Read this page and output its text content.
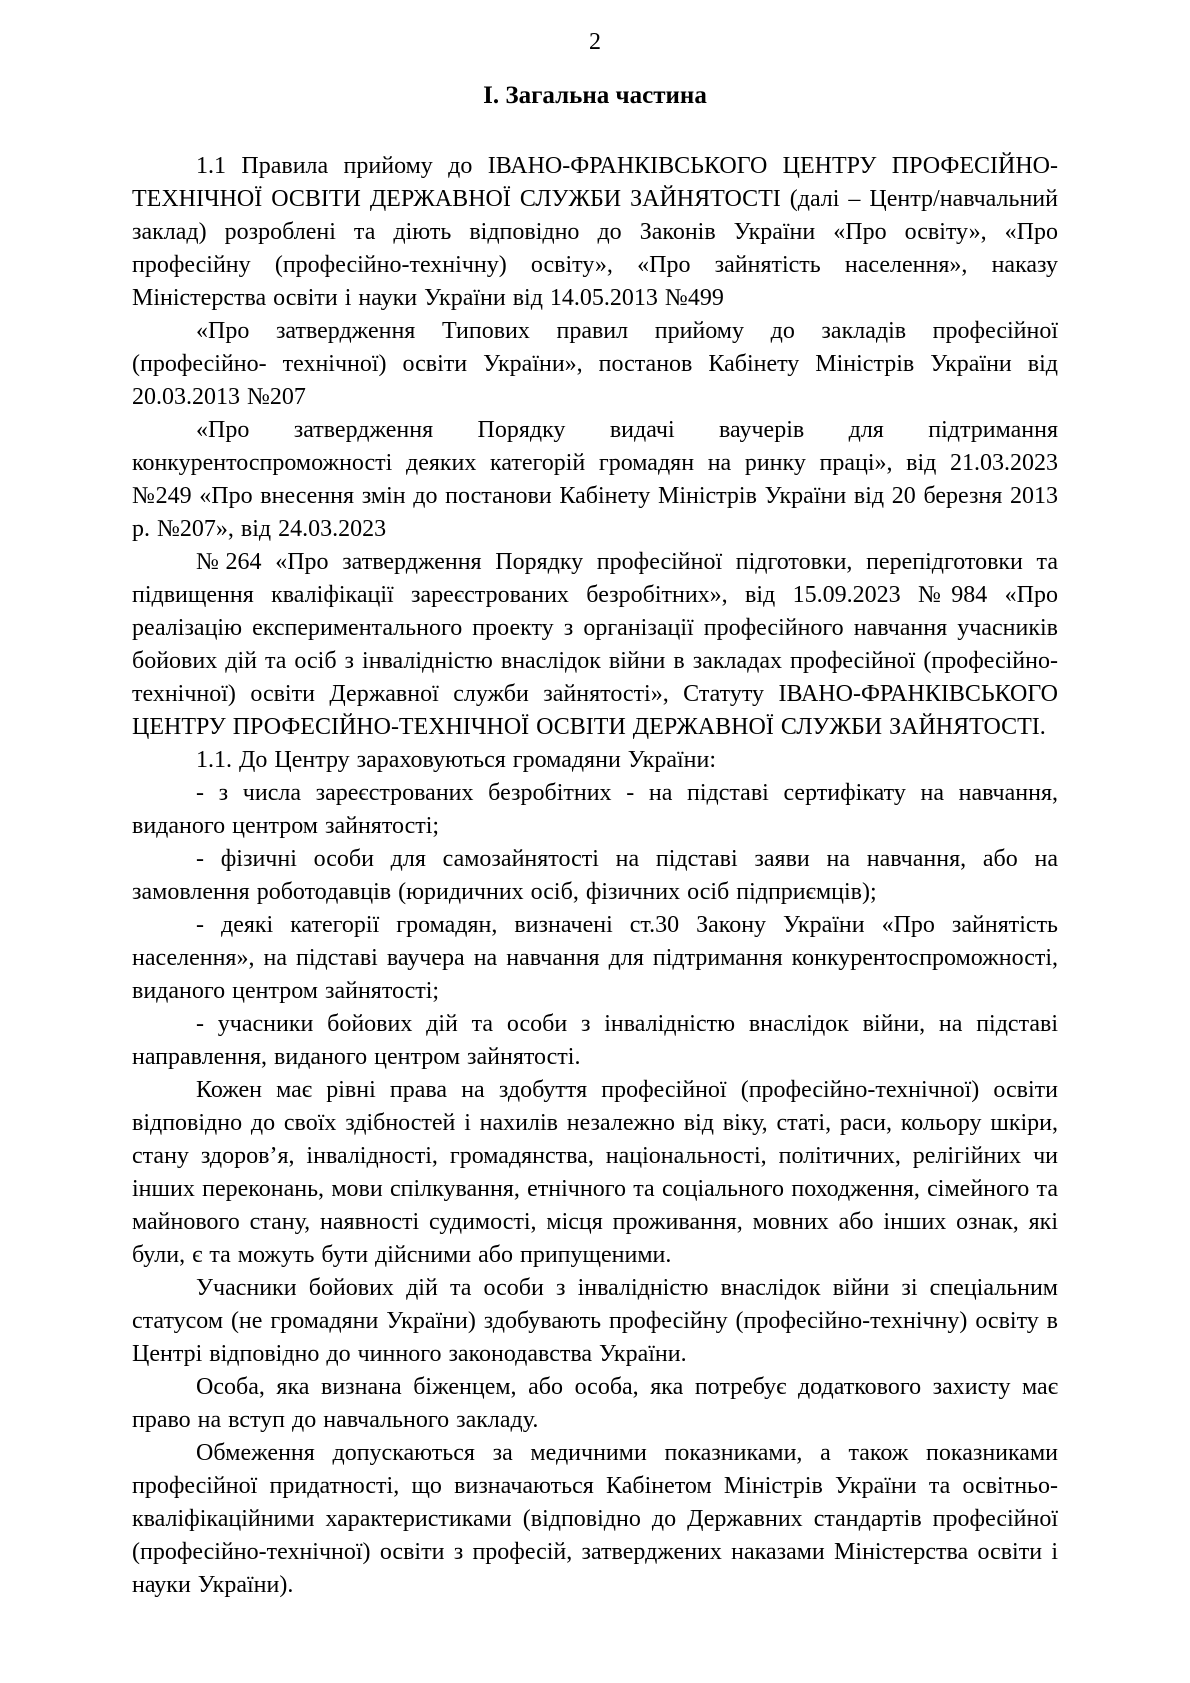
2
І. Загальна частина

1.1 Правила прийому до ІВАНО-ФРАНКІВСЬКОГО ЦЕНТРУ ПРОФЕСІЙНО-ТЕХНІЧНОЇ ОСВІТИ ДЕРЖАВНОЇ СЛУЖБИ ЗАЙНЯТОСТІ (далі – Центр/навчальний заклад) розроблені та діють відповідно до Законів України «Про освіту», «Про професійну (професійно-технічну) освіту», «Про зайнятість населення», наказу Міністерства освіти і науки України від 14.05.2013 №499

«Про затвердження Типових правил прийому до закладів професійної (професійно- технічної) освіти України», постанов Кабінету Міністрів України від 20.03.2013 №207

«Про затвердження Порядку видачі ваучерів для підтримання конкурентоспроможності деяких категорій громадян на ринку праці», від 21.03.2023 №249 «Про внесення змін до постанови Кабінету Міністрів України від 20 березня 2013 р. №207», від 24.03.2023

№264 «Про затвердження Порядку професійної підготовки, перепідготовки та підвищення кваліфікації зареєстрованих безробітних», від 15.09.2023 №984 «Про реалізацію експериментального проекту з організації професійного навчання учасників бойових дій та осіб з інвалідністю внаслідок війни в закладах професійної (професійно- технічної) освіти Державної служби зайнятості», Статуту ІВАНО-ФРАНКІВСЬКОГО ЦЕНТРУ ПРОФЕСІЙНО-ТЕХНІЧНОЇ ОСВІТИ ДЕРЖАВНОЇ СЛУЖБИ ЗАЙНЯТОСТІ.

1.1. До Центру зараховуються громадяни України:

- з числа зареєстрованих безробітних - на підставі сертифікату на навчання, виданого центром зайнятості;

- фізичні особи для самозайнятості на підставі заяви на навчання, або на замовлення роботодавців (юридичних осіб, фізичних осіб підприємців);

- деякі категорії громадян, визначені ст.30 Закону України «Про зайнятість населення», на підставі ваучера на навчання для підтримання конкурентоспроможності, виданого центром зайнятості;

- учасники бойових дій та особи з інвалідністю внаслідок війни, на підставі направлення, виданого центром зайнятості.

Кожен має рівні права на здобуття професійної (професійно-технічної) освіти відповідно до своїх здібностей і нахилів незалежно від віку, статі, раси, кольору шкіри, стану здоров’я, інвалідності, громадянства, національності, політичних, релігійних чи інших переконань, мови спілкування, етнічного та соціального походження, сімейного та майнового стану, наявності судимості, місця проживання, мовних або інших ознак, які були, є та можуть бути дійсними або припущеними.

Учасники бойових дій та особи з інвалідністю внаслідок війни зі спеціальним статусом (не громадяни України) здобувають професійну (професійно-технічну) освіту в Центрі відповідно до чинного законодавства України.

Особа, яка визнана біженцем, або особа, яка потребує додаткового захисту має право на вступ до навчального закладу.

Обмеження допускаються за медичними показниками, а також показниками професійної придатності, що визначаються Кабінетом Міністрів України та освітньо- кваліфікаційними характеристиками (відповідно до Державних стандартів професійної (професійно-технічної) освіти з професій, затверджених наказами Міністерства освіти і науки України).
